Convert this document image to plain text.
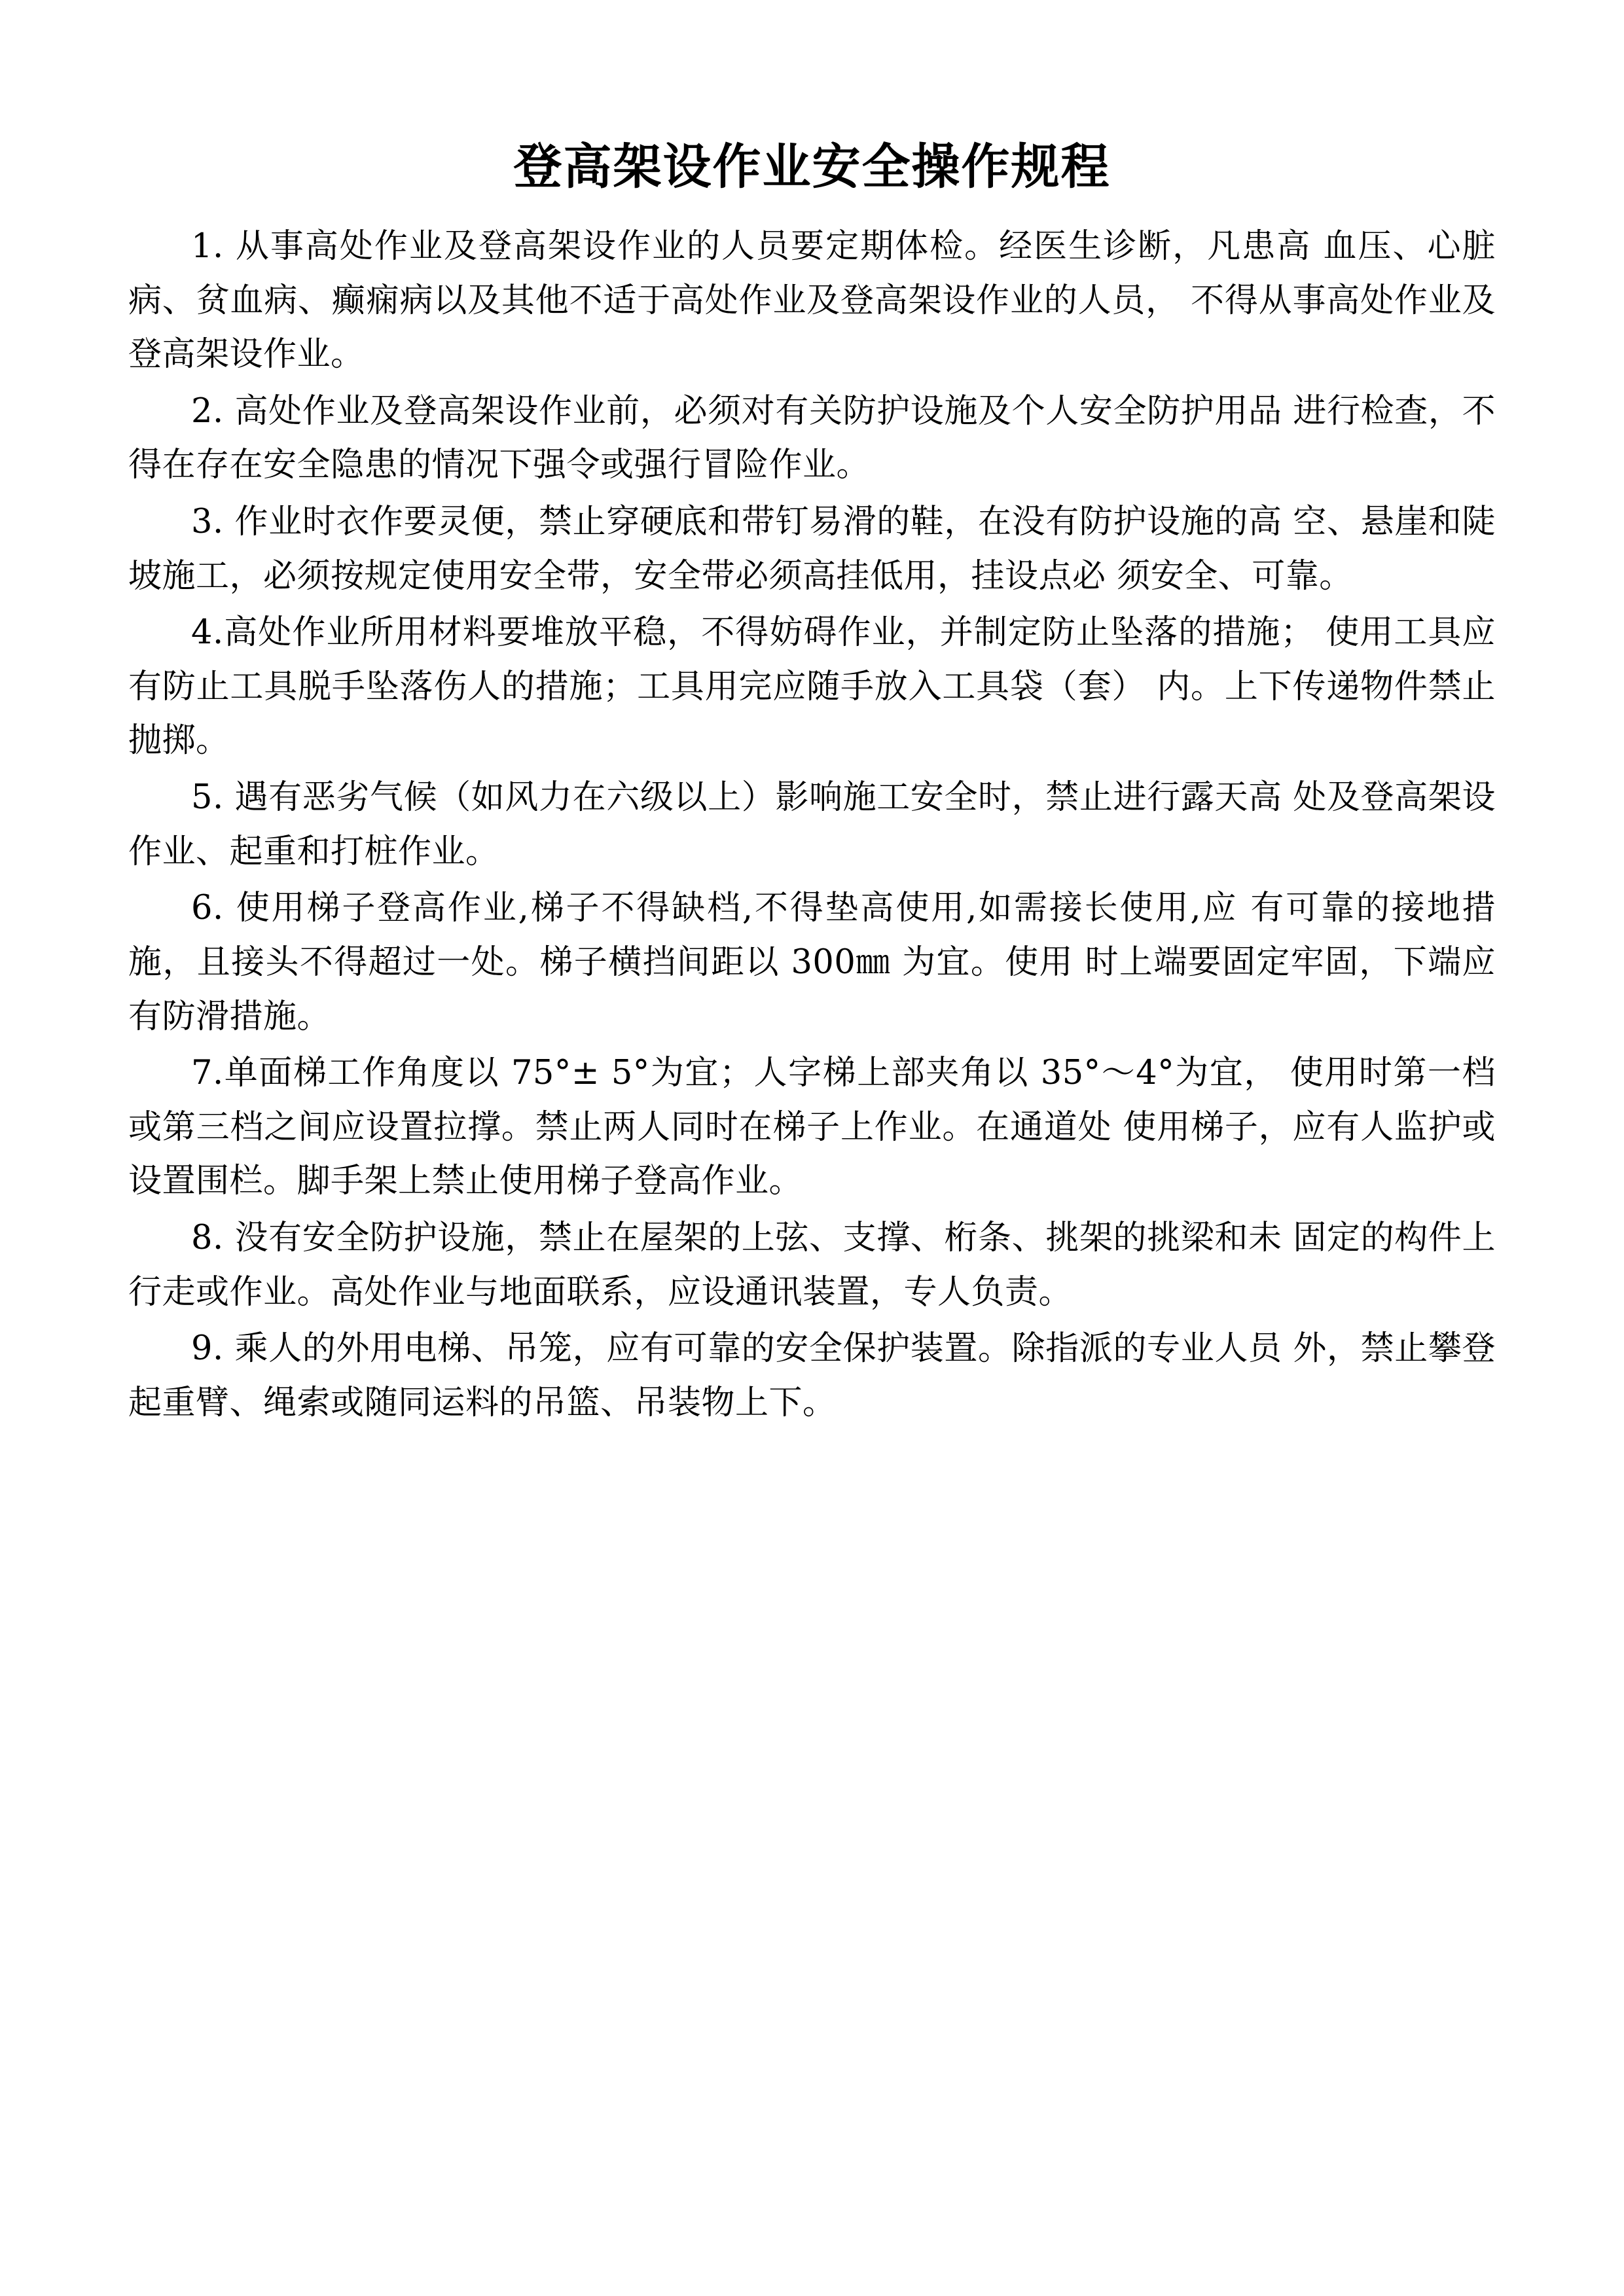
登高架设作业安全操作规程

1. 从事高处作业及登高架设作业的人员要定期体检。经医生诊断，凡患高 血压、心脏病、贫血病、癫痫病以及其他不适于高处作业及登高架设作业的人员， 不得从事高处作业及登高架设作业。

2. 高处作业及登高架设作业前，必须对有关防护设施及个人安全防护用品 进行检查，不得在存在安全隐患的情况下强令或强行冒险作业。

3. 作业时衣作要灵便，禁止穿硬底和带钉易滑的鞋，在没有防护设施的高 空、悬崖和陡坡施工，必须按规定使用安全带，安全带必须高挂低用，挂设点必 须安全、可靠。

4.高处作业所用材料要堆放平稳，不得妨碍作业，并制定防止坠落的措施； 使用工具应有防止工具脱手坠落伤人的措施；工具用完应随手放入工具袋（套） 内。上下传递物件禁止抛掷。

5. 遇有恶劣气候（如风力在六级以上）影响施工安全时，禁止进行露天高 处及登高架设作业、起重和打桩作业。

6. 使用梯子登高作业,梯子不得缺档,不得垫高使用,如需接长使用,应 有可靠的接地措施，且接头不得超过一处。梯子横挡间距以 300㎜ 为宜。使用 时上端要固定牢固，下端应有防滑措施。

7.单面梯工作角度以 75°± 5°为宜；人字梯上部夹角以 35°〜4°为宜， 使用时第一档或第三档之间应设置拉撑。禁止两人同时在梯子上作业。在通道处 使用梯子，应有人监护或设置围栏。脚手架上禁止使用梯子登高作业。

8. 没有安全防护设施，禁止在屋架的上弦、支撑、桁条、挑架的挑梁和未 固定的构件上行走或作业。高处作业与地面联系，应设通讯装置，专人负责。

9. 乘人的外用电梯、吊笼，应有可靠的安全保护装置。除指派的专业人员 外，禁止攀登起重臂、绳索或随同运料的吊篮、吊装物上下。
